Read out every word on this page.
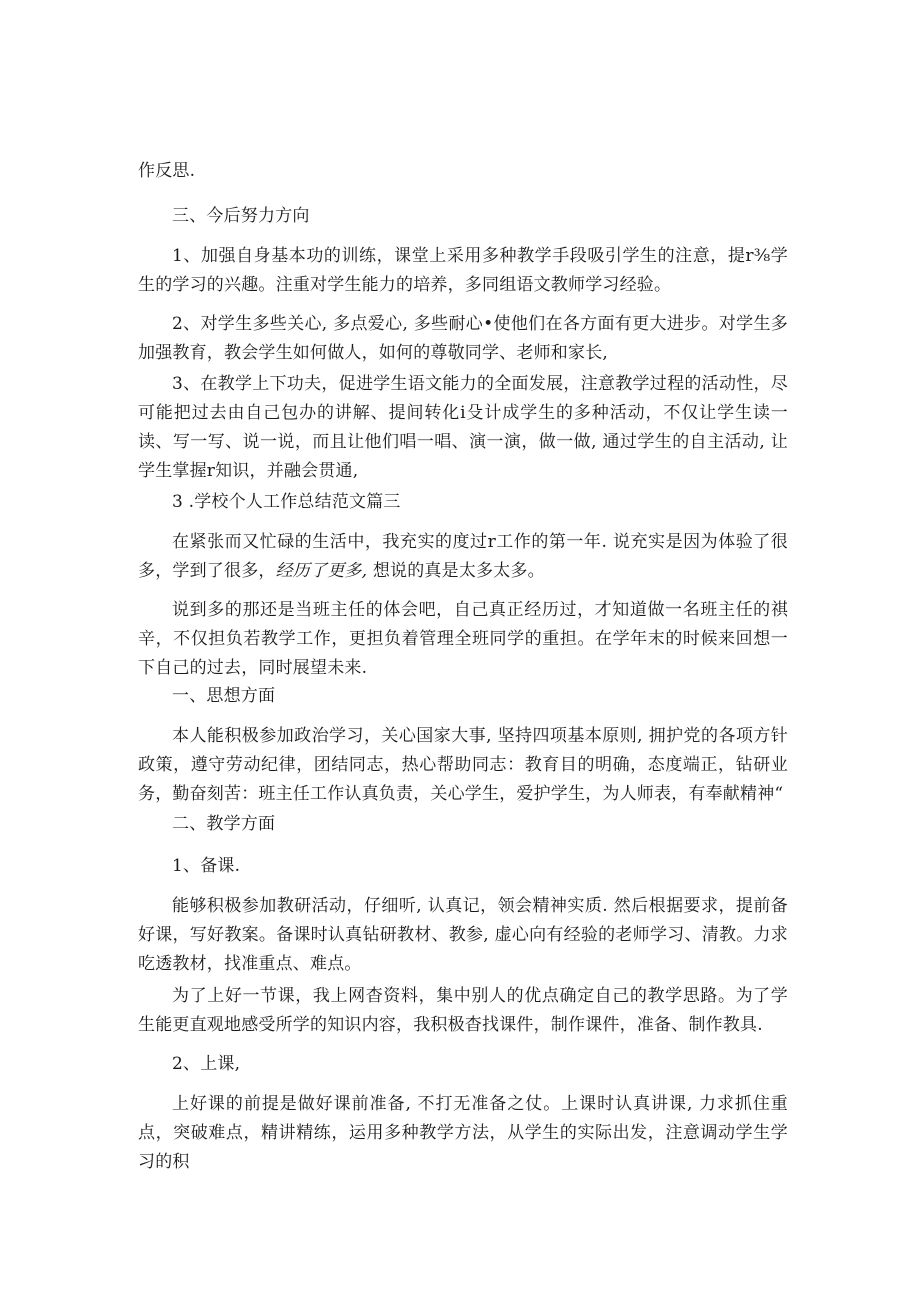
作反思.

三、今后努力方向

1、加强自身基本功的训练，课堂上采用多种教学手段吸引学生的注意，提r⅜学生的学习的兴趣。注重对学生能力的培养，多同组语文教师学习经验。

2、对学生多些关心, 多点爱心, 多些耐心•使他们在各方面有更大进步。对学生多加强教育，教会学生如何做人，如何的尊敬同学、老师和家长,

3、在教学上下功夫，促进学生语文能力的全面发展，注意教学过程的活动性，尽可能把过去由自己包办的讲解、提间转化i殳计成学生的多种活动，不仅让学生读一读、写一写、说一说，而且让他们唱一唱、演一演，做一做, 通过学生的自主活动, 让学生掌握r知识，并融会贯通,

3 .学校个人工作总结范文篇三

在紧张而又忙碌的生活中，我充实的度过r工作的第一年. 说充实是因为体验了很多，学到了很多，经历了更多, 想说的真是太多太多。

说到多的那还是当班主任的体会吧，自己真正经历过，才知道做一名班主任的祺辛，不仅担负若教学工作，更担负着管理全班同学的重担。在学年末的时候来回想一下自己的过去，同时展望未来.

一、思想方面

本人能积极参加政治学习，关心国家大事, 坚持四项基本原则, 拥护党的各项方针政策，遵守劳动纪律，团结同志，热心帮助同志：教育目的明确，态度端正，钻研业务，勤奋刻苦：班主任工作认真负责，关心学生，爱护学生，为人师表，有奉献精神“

二、教学方面

1、备课.

能够积极参加教研活动，仔细听, 认真记，领会精神实质. 然后根据要求，提前备好课，写好教案。备课时认真钻研教材、教参, 虚心向有经验的老师学习、清教。力求吃透教材，找准重点、难点。

为了上好一节课，我上网杳资料，集中别人的优点确定自己的教学思路。为了学生能更直观地感受所学的知识内容，我积极杳找课件，制作课件，准备、制作教具.

2、上课,

上好课的前提是做好课前准备, 不打无准备之仗。上课时认真讲课, 力求抓住重点，突破难点，精讲精练，运用多种教学方法，从学生的实际出发，注意调动学生学习的积
